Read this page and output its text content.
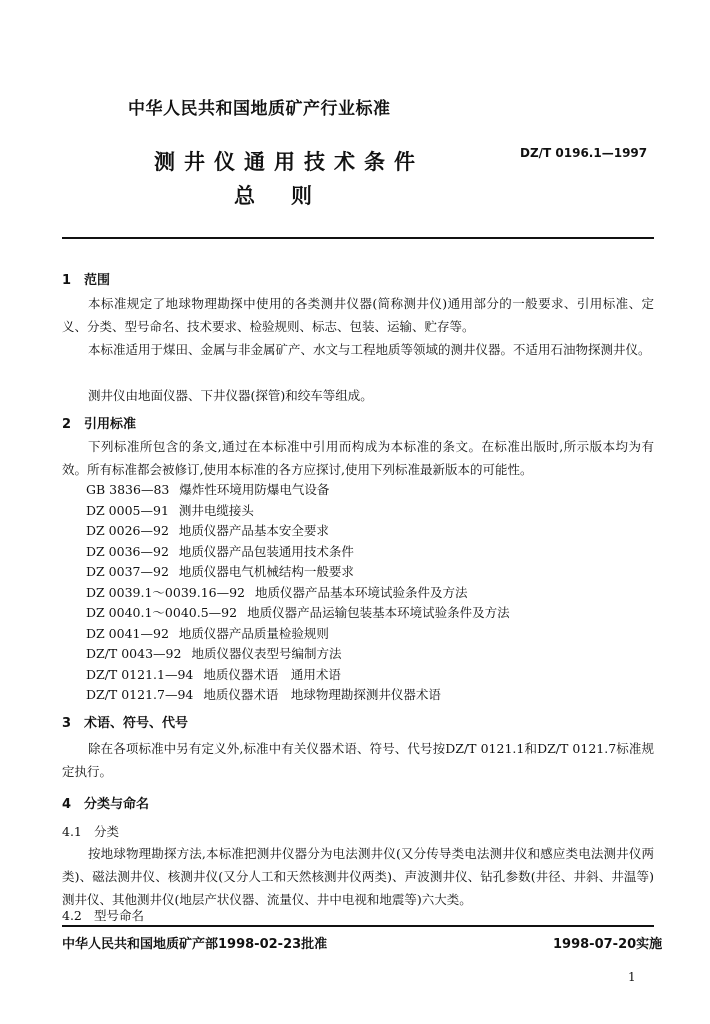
中华人民共和国地质矿产行业标准
DZ/T 0196.1—1997
测井仪通用技术条件
总则
1 范围
本标准规定了地球物理勘探中使用的各类测井仪器(简称测井仪)通用部分的一般要求、引用标准、定义、分类、型号命名、技术要求、检验规则、标志、包装、运输、贮存等。
本标准适用于煤田、金属与非金属矿产、水文与工程地质等领域的测井仪器。不适用石油物探测井仪。
测井仪由地面仪器、下井仪器(探管)和绞车等组成。
2 引用标准
下列标准所包含的条文,通过在本标准中引用而构成为本标准的条文。在标准出版时,所示版本均为有效。所有标准都会被修订,使用本标准的各方应探讨,使用下列标准最新版本的可能性。
GB 3836—83 爆炸性环境用防爆电气设备
DZ 0005—91 测井电缆接头
DZ 0026—92 地质仪器产品基本安全要求
DZ 0036—92 地质仪器产品包装通用技术条件
DZ 0037—92 地质仪器电气机械结构一般要求
DZ 0039.1～0039.16—92 地质仪器产品基本环境试验条件及方法
DZ 0040.1～0040.5—92 地质仪器产品运输包装基本环境试验条件及方法
DZ 0041—92 地质仪器产品质量检验规则
DZ/T 0043—92 地质仪器仪表型号编制方法
DZ/T 0121.1—94 地质仪器术语　通用术语
DZ/T 0121.7—94 地质仪器术语　地球物理勘探测井仪器术语
3 术语、符号、代号
除在各项标准中另有定义外,标准中有关仪器术语、符号、代号按DZ/T 0121.1和DZ/T 0121.7标准规定执行。
4 分类与命名
4.1 分类
按地球物理勘探方法,本标准把测井仪器分为电法测井仪(又分传导类电法测井仪和感应类电法测井仪两类)、磁法测井仪、核测井仪(又分人工和天然核测井仪两类)、声波测井仪、钻孔参数(井径、井斜、井温等)测井仪、其他测井仪(地层产状仪器、流量仪、井中电视和地震等)六大类。
4.2 型号命名
中华人民共和国地质矿产部1998-02-23批准	1998-07-20实施
1
